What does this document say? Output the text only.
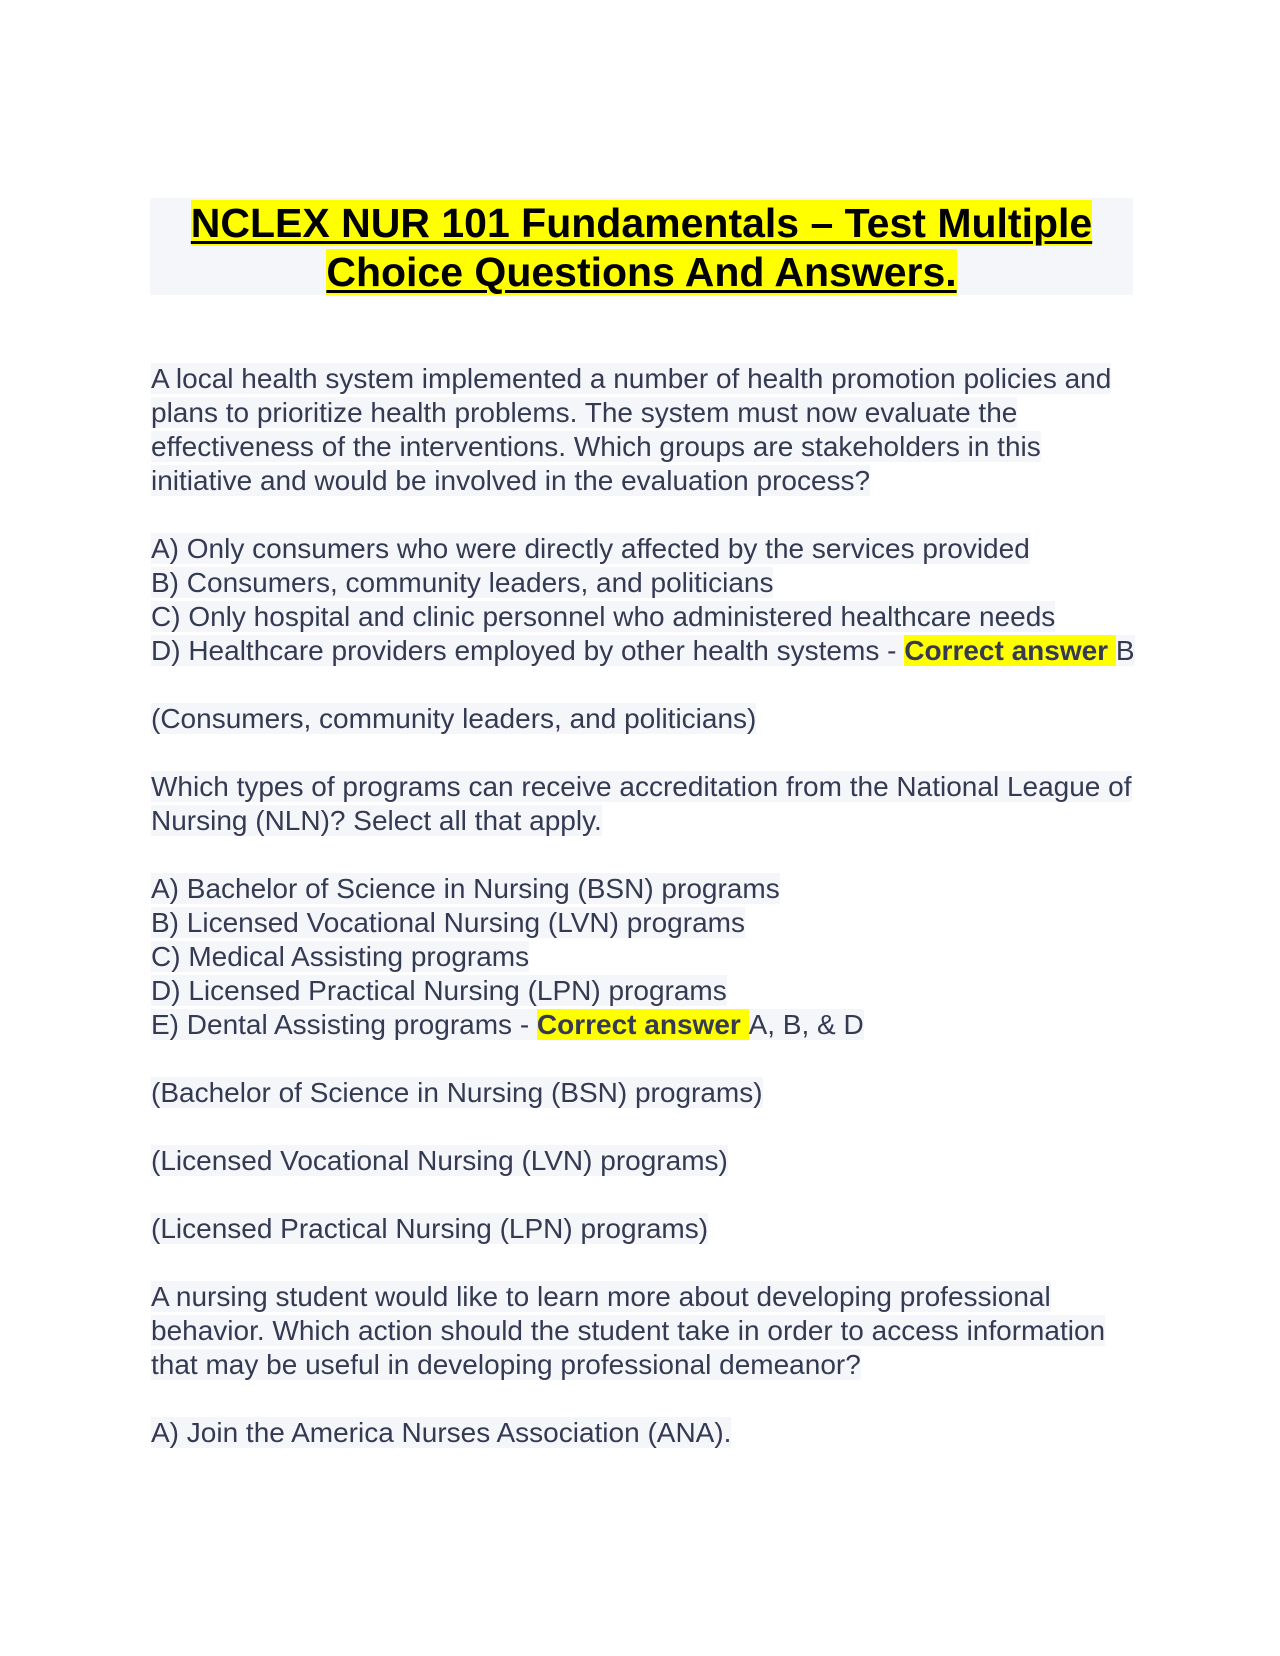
NCLEX NUR 101 Fundamentals – Test Multiple
Choice Questions And Answers.

A local health system implemented a number of health promotion policies and plans to prioritize health problems. The system must now evaluate the effectiveness of the interventions. Which groups are stakeholders in this initiative and would be involved in the evaluation process?

A) Only consumers who were directly affected by the services provided
B) Consumers, community leaders, and politicians
C) Only hospital and clinic personnel who administered healthcare needs
D) Healthcare providers employed by other health systems - Correct answer B

(Consumers, community leaders, and politicians)

Which types of programs can receive accreditation from the National League of Nursing (NLN)? Select all that apply.

A) Bachelor of Science in Nursing (BSN) programs
B) Licensed Vocational Nursing (LVN) programs
C) Medical Assisting programs
D) Licensed Practical Nursing (LPN) programs
E) Dental Assisting programs - Correct answer A, B, & D

(Bachelor of Science in Nursing (BSN) programs)

(Licensed Vocational Nursing (LVN) programs)

(Licensed Practical Nursing (LPN) programs)

A nursing student would like to learn more about developing professional behavior. Which action should the student take in order to access information that may be useful in developing professional demeanor?

A) Join the America Nurses Association (ANA).
